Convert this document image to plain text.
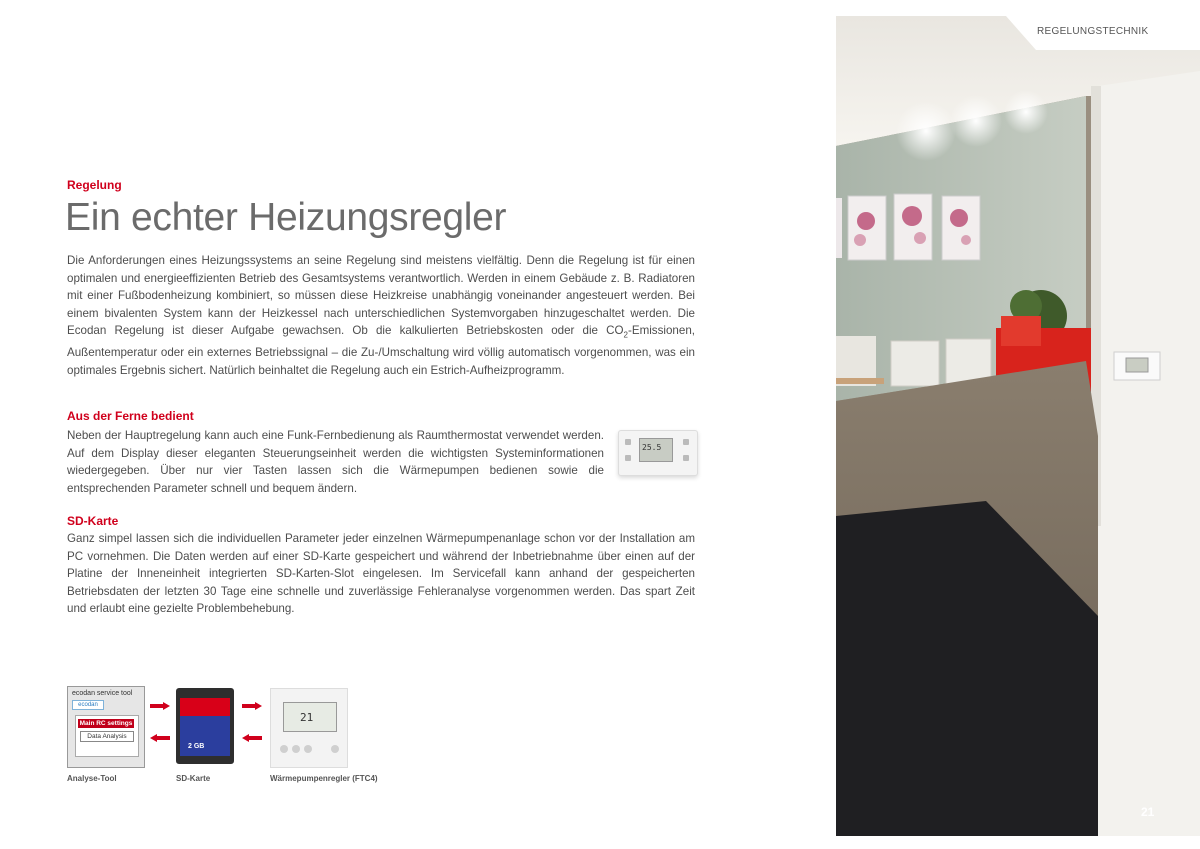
Regelung
Ein echter Heizungsregler

Die Anforderungen eines Heizungssystems an seine Regelung sind meistens vielfältig. Denn die Regelung ist für einen optimalen und energieeffizienten Betrieb des Gesamtsystems verantwortlich. Werden in einem Gebäude z. B. Radiatoren mit einer Fußbodenheizung kombiniert, so müssen diese Heizkreise unabhängig voneinander angesteuert werden. Bei einem bivalenten System kann der Heizkessel nach unterschiedlichen Systemvorgaben hinzugeschaltet werden. Die Ecodan Regelung ist dieser Aufgabe gewachsen. Ob die kalkulierten Betriebskosten oder die $CO_2$-Emissionen, Außentemperatur oder ein externes Betriebssignal – die Zu-/Umschaltung wird völlig automatisch vorgenommen, was ein optimales Ergebnis sichert. Natürlich beinhaltet die Regelung auch ein Estrich-Aufheizprogramm.

Aus der Ferne bedient

Neben der Hauptregelung kann auch eine Funk-Fernbedienung als Raumthermostat verwendet werden. Auf dem Display dieser eleganten Steuerungseinheit werden die wichtigsten Systeminformationen wiedergegeben. Über nur vier Tasten lassen sich die Wärmepumpen bedienen sowie die entsprechenden Parameter schnell und bequem ändern.

25.5
SD-Karte

Ganz simpel lassen sich die individuellen Parameter jeder einzelnen Wärmepumpenanlage schon vor der Installation am PC vornehmen. Die Daten werden auf einer SD-Karte gespeichert und während der Inbetriebnahme über einen auf der Platine der Inneneinheit integrierten SD-Karten-Slot eingelesen. Im Servicefall kann anhand der gespeicherten Betriebsdaten der letzten 30 Tage eine schnelle und zuverlässige Fehleranalyse vorgenommen werden. Das spart Zeit und erlaubt eine gezielte Problembehebung.

ecodan service tool
ecodan
Main RC settings
Data Analysis
2 GB
21
Analyse-Tool	SD-Karte	Wärmepumpenregler (FTC4)
REGELUNGSTECHNIK
21
